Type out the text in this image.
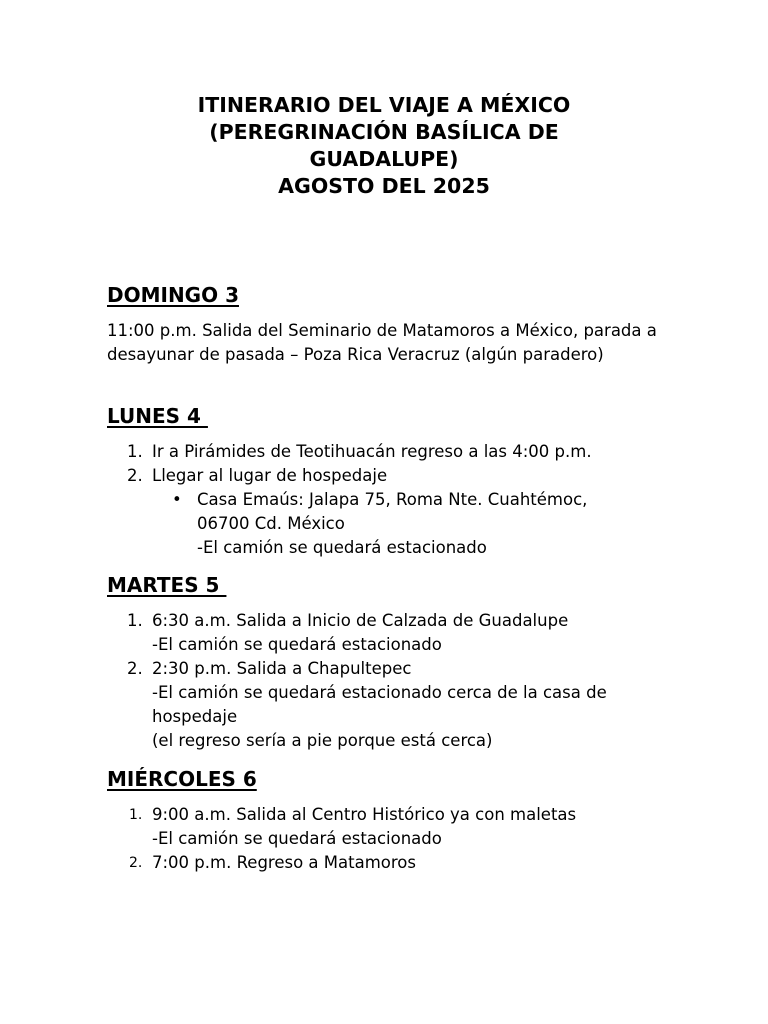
ITINERARIO DEL VIAJE A MÉXICO
(PEREGRINACIÓN BASÍLICA DE
GUADALUPE)
AGOSTO DEL 2025
DOMINGO 3
11:00 p.m. Salida del Seminario de Matamoros a México, parada a desayunar de pasada – Poza Rica Veracruz (algún paradero)
LUNES 4
1. Ir a Pirámides de Teotihuacán regreso a las 4:00 p.m.
2. Llegar al lugar de hospedaje
• Casa Emaús: Jalapa 75, Roma Nte. Cuahtémoc,
06700 Cd. México
-El camión se quedará estacionado
MARTES 5
1. 6:30 a.m. Salida a Inicio de Calzada de Guadalupe
-El camión se quedará estacionado
2. 2:30 p.m. Salida a Chapultepec
-El camión se quedará estacionado cerca de la casa de hospedaje
(el regreso sería a pie porque está cerca)
MIÉRCOLES 6
1. 9:00 a.m. Salida al Centro Histórico ya con maletas
-El camión se quedará estacionado
2. 7:00 p.m. Regreso a Matamoros
